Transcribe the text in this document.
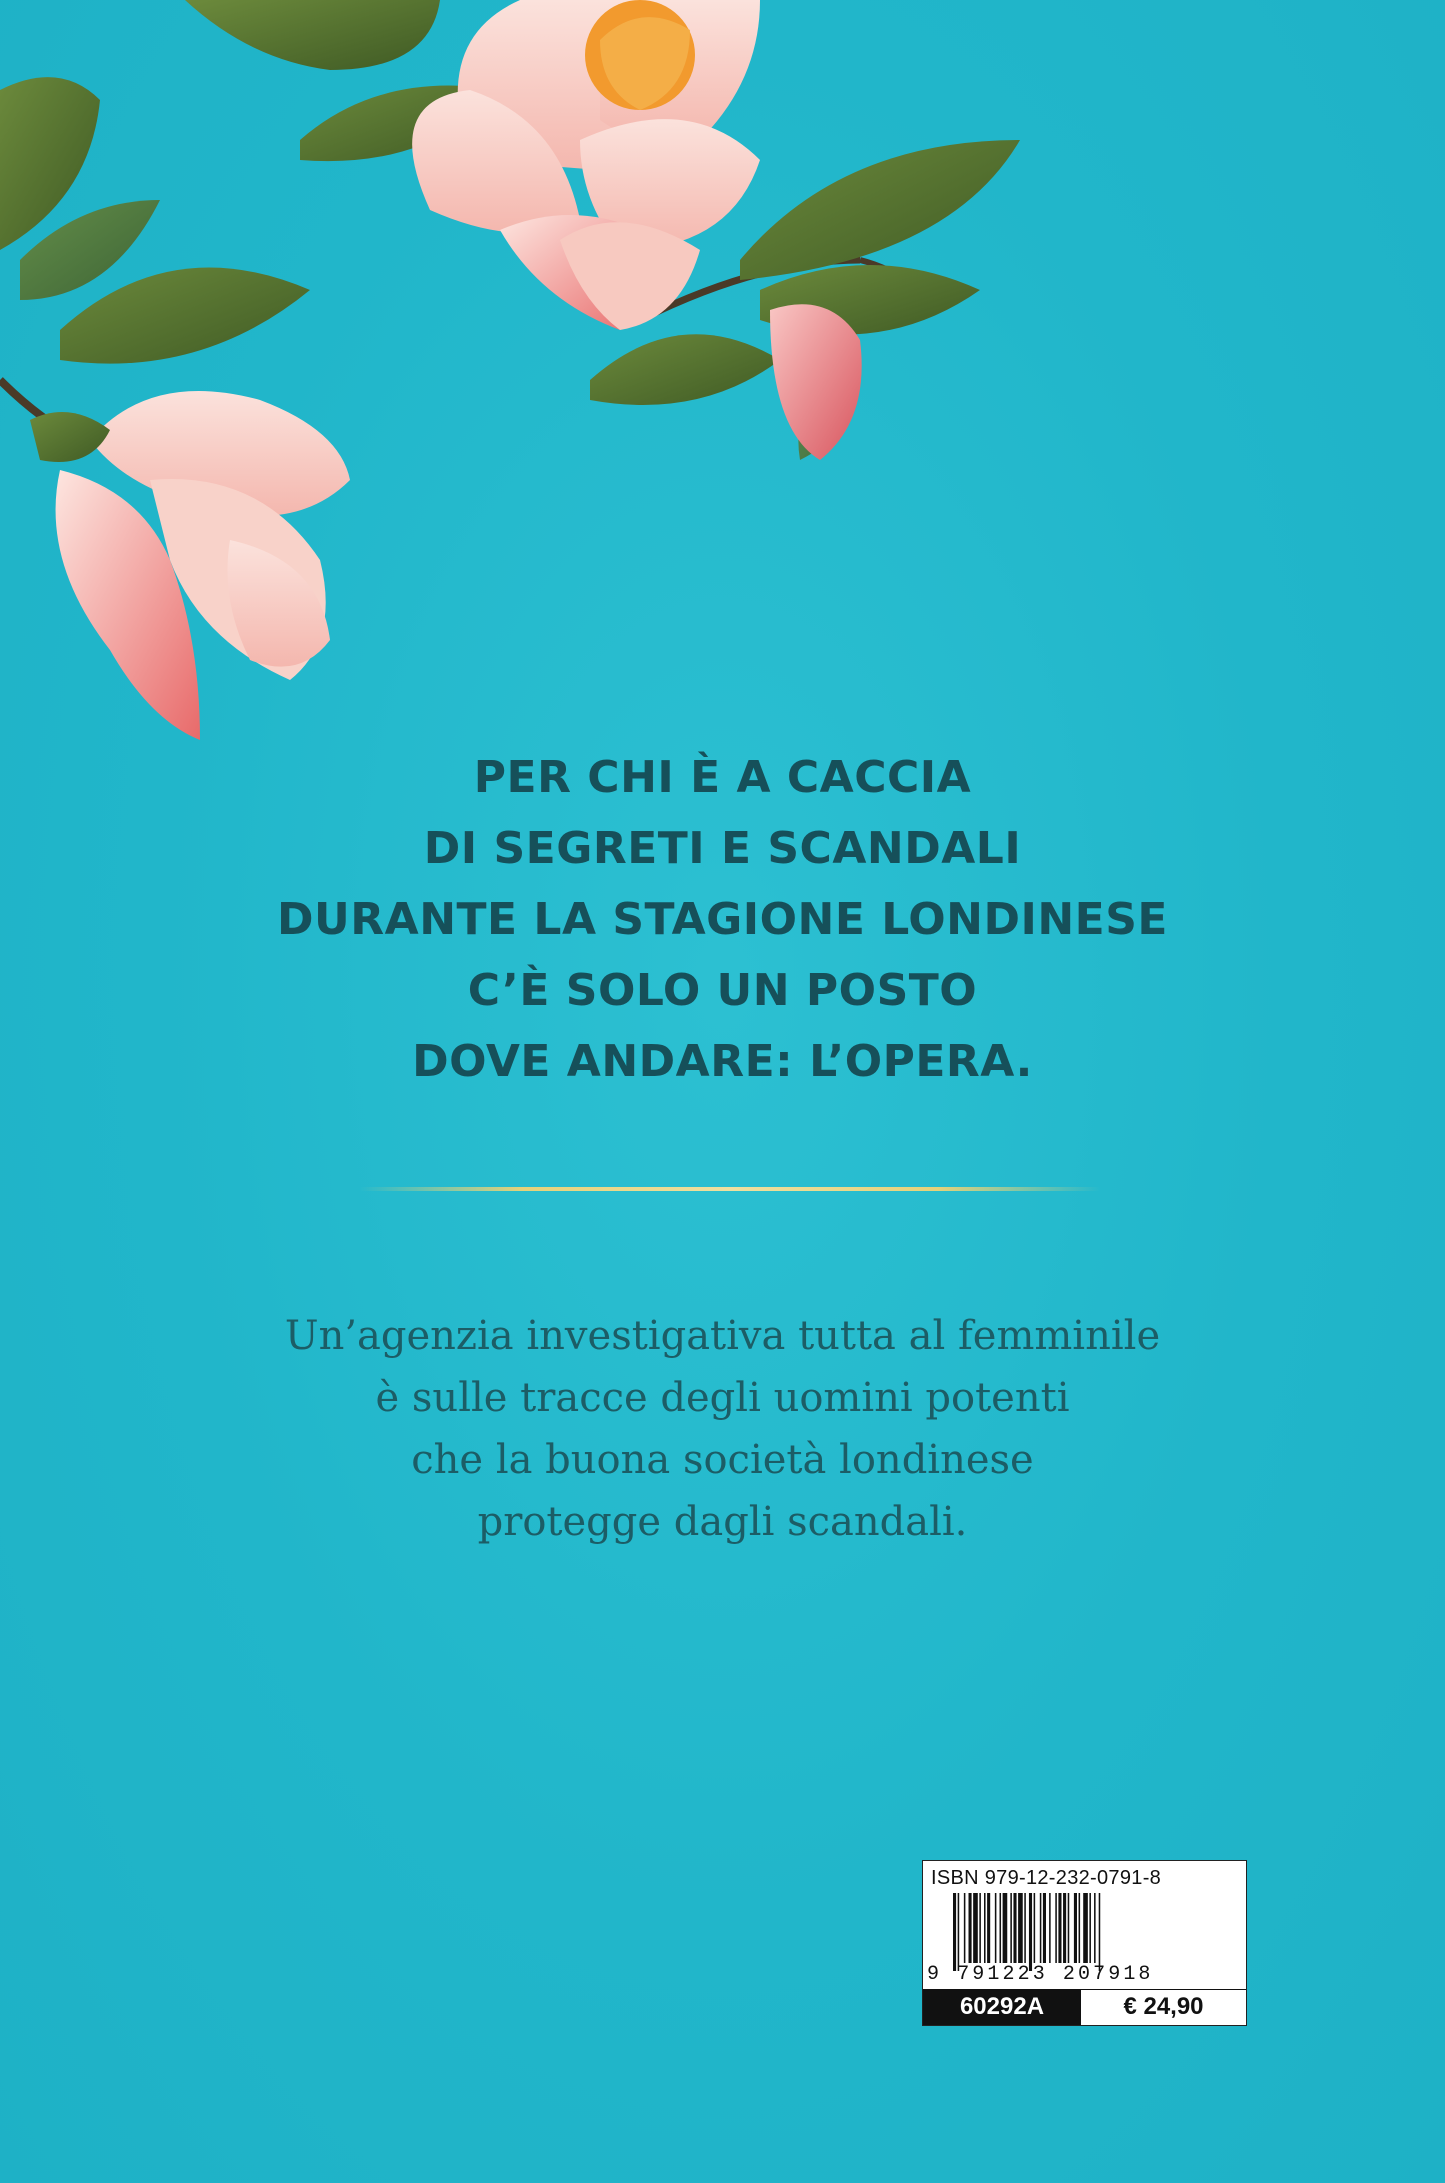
PER CHI È A CACCIA
DI SEGRETI E SCANDALI
DURANTE LA STAGIONE LONDINESE
C’È SOLO UN POSTO
DOVE ANDARE: L’OPERA.
Un’agenzia investigativa tutta al femminile
è sulle tracce degli uomini potenti
che la buona società londinese
protegge dagli scandali.
ISBN 979-12-232-0791-8
9 791223 207918
60292A	€ 24,90
